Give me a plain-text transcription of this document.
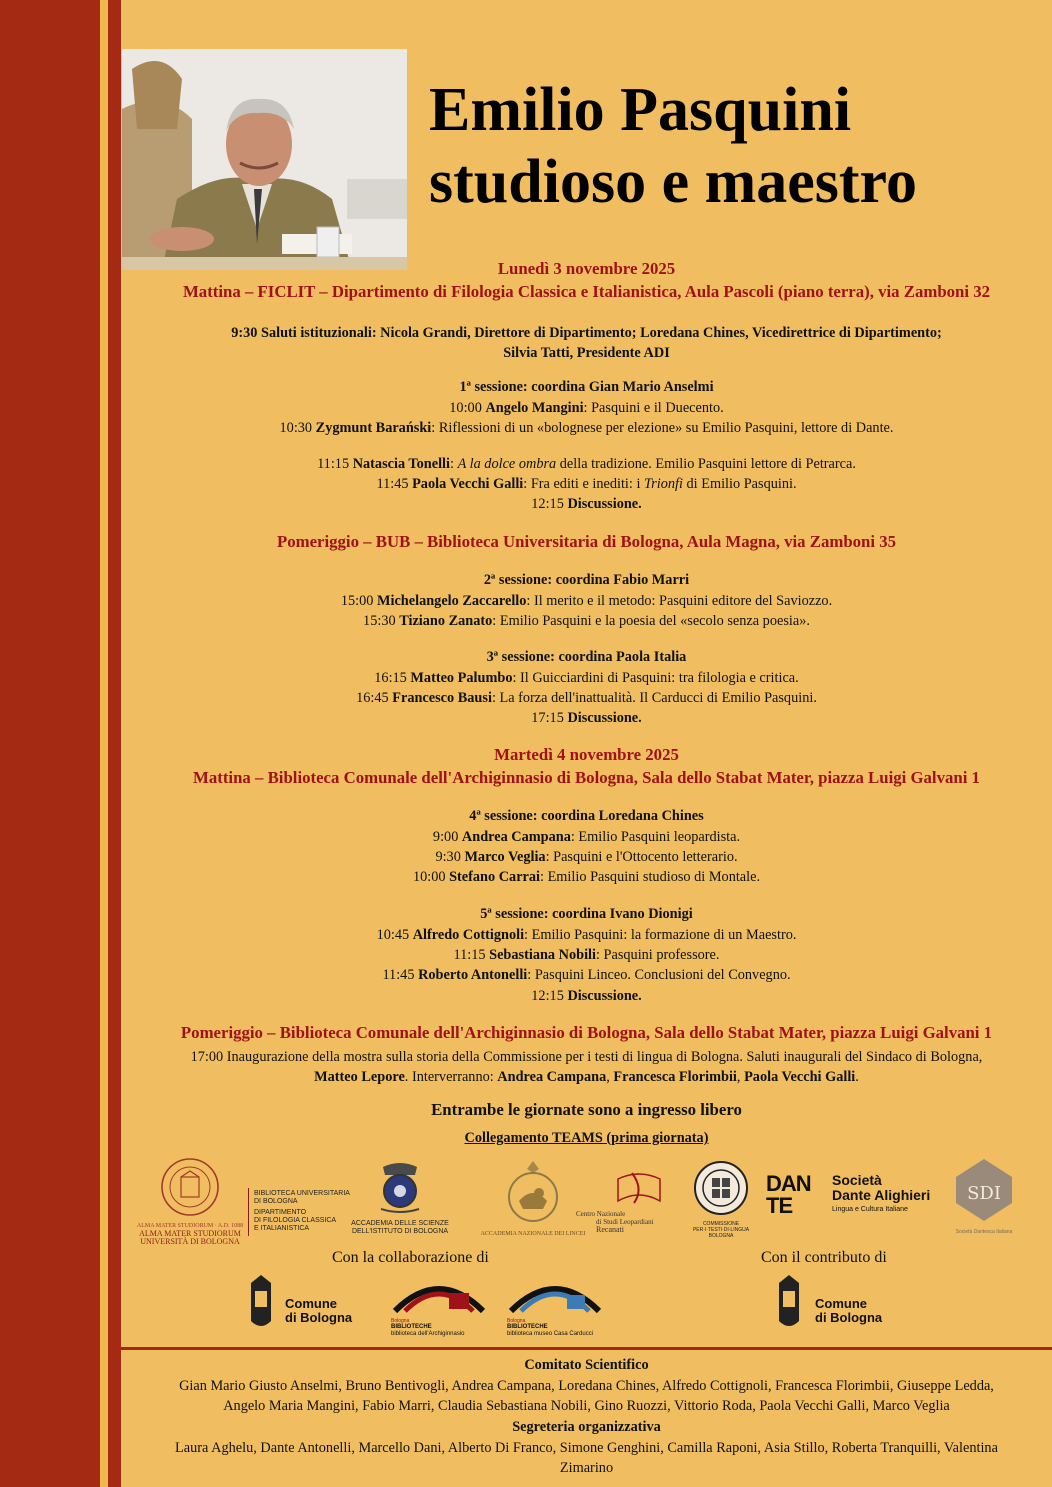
Emilio Pasquini
studioso e maestro
Lunedì 3 novembre 2025
Mattina – FICLIT – Dipartimento di Filologia Classica e Italianistica, Aula Pascoli (piano terra), via Zamboni 32
9:30 Saluti istituzionali: Nicola Grandi, Direttore di Dipartimento; Loredana Chines, Vicedirettrice di Dipartimento;
Silvia Tatti, Presidente ADI
1ª sessione: coordina Gian Mario Anselmi
10:00 Angelo Mangini: Pasquini e il Duecento.
10:30 Zygmunt Barański: Riflessioni di un «bolognese per elezione» su Emilio Pasquini, lettore di Dante.
11:15 Natascia Tonelli: A la dolce ombra della tradizione. Emilio Pasquini lettore di Petrarca.
11:45 Paola Vecchi Galli: Fra editi e inediti: i Trionfi di Emilio Pasquini.
12:15 Discussione.
Pomeriggio – BUB – Biblioteca Universitaria di Bologna, Aula Magna, via Zamboni 35
2ª sessione: coordina Fabio Marri
15:00 Michelangelo Zaccarello: Il merito e il metodo: Pasquini editore del Saviozzo.
15:30 Tiziano Zanato: Emilio Pasquini e la poesia del «secolo senza poesia».
3ª sessione: coordina Paola Italia
16:15 Matteo Palumbo: Il Guicciardini di Pasquini: tra filologia e critica.
16:45 Francesco Bausi: La forza dell'inattualità. Il Carducci di Emilio Pasquini.
17:15 Discussione.
Martedì 4 novembre 2025
Mattina – Biblioteca Comunale dell'Archiginnasio di Bologna, Sala dello Stabat Mater, piazza Luigi Galvani 1
4ª sessione: coordina Loredana Chines
9:00 Andrea Campana: Emilio Pasquini leopardista.
9:30 Marco Veglia: Pasquini e l'Ottocento letterario.
10:00 Stefano Carrai: Emilio Pasquini studioso di Montale.
5ª sessione: coordina Ivano Dionigi
10:45 Alfredo Cottignoli: Emilio Pasquini: la formazione di un Maestro.
11:15 Sebastiana Nobili: Pasquini professore.
11:45 Roberto Antonelli: Pasquini Linceo. Conclusioni del Convegno.
12:15 Discussione.
Pomeriggio – Biblioteca Comunale dell'Archiginnasio di Bologna, Sala dello Stabat Mater, piazza Luigi Galvani 1
17:00 Inaugurazione della mostra sulla storia della Commissione per i testi di lingua di Bologna. Saluti inaugurali del Sindaco di Bologna,
Matteo Lepore. Interverranno: Andrea Campana, Francesca Florimbii, Paola Vecchi Galli.
Entrambe le giornate sono a ingresso libero
Collegamento TEAMS (prima giornata)
ALMA MATER STUDIORUM · A.D. 1088
ALMA MATER STUDIORUM
UNIVERSITÀ DI BOLOGNA
BIBLIOTECA UNIVERSITARIA
DI BOLOGNA
DIPARTIMENTO
DI FILOLOGIA CLASSICA
E ITALIANISTICA
ACCADEMIA DELLE SCIENZE
DELL'ISTITUTO DI BOLOGNA	ACCADEMIA NAZIONALE DEI LINCEI
Centro Nazionale
di Studi Leopardiani
Recanati
COMMISSIONE
PER·I·TESTI·DI·LINGUA
BOLOGNA
DAN
TE
Società
Dante Alighieri
Lingua e Cultura Italiane
SDI
Società Dantesca Italiana
Con la collaborazione di	Con il contributo di
Comune
di Bologna	Bologna
BIBLIOTECHE
biblioteca dell'Archiginnasio
Bologna
BIBLIOTECHE
biblioteca museo Casa Carducci
Comune
di Bologna
Comitato Scientifico
Gian Mario Giusto Anselmi, Bruno Bentivogli, Andrea Campana, Loredana Chines, Alfredo Cottignoli, Francesca Florimbii, Giuseppe Ledda,
Angelo Maria Mangini, Fabio Marri, Claudia Sebastiana Nobili, Gino Ruozzi, Vittorio Roda, Paola Vecchi Galli, Marco Veglia
Segreteria organizzativa
Laura Aghelu, Dante Antonelli, Marcello Dani, Alberto Di Franco, Simone Genghini, Camilla Raponi, Asia Stillo, Roberta Tranquilli, Valentina
Zimarino
